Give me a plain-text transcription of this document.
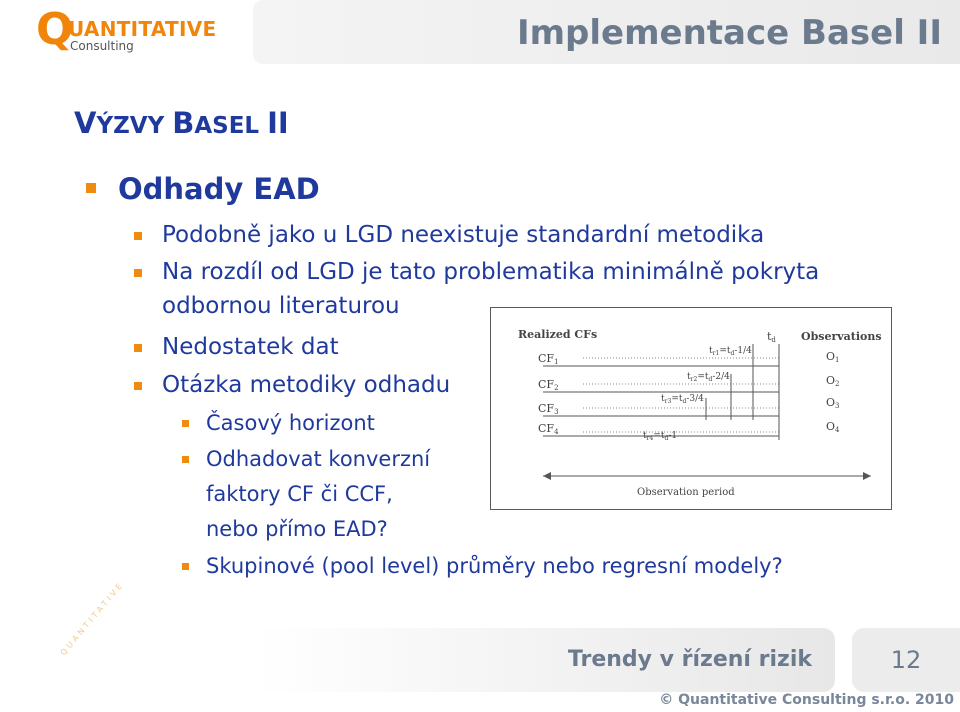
Q
UANTITATIVE
Consulting	Implementace Basel II
VÝZVY BASEL II
Odhady EAD
Podobně jako u LGD neexistuje standardní metodika
Na rozdíl od LGD je tato problematika minimálně pokryta
odbornou literaturou
Nedostatek dat
Otázka metodiky odhadu
Časový horizont
Odhadovat konverzní
faktory CF či CCF,
nebo přímo EAD?
Skupinové (pool level) průměry nebo regresní modely?
Realized CFs	Observations
td
CF1
CF2
CF3
CF4
O1
O2
O3
O4
$t_{r1}=t_d-1/4$
$t_{r2}=t_d-2/4$
$t_{r3}=t_d-3/4$
$t_{r4}=t_d-1$
Observation period
QUANTITATIVE
Trendy v řízení rizik	12
© Quantitative Consulting s.r.o. 2010
